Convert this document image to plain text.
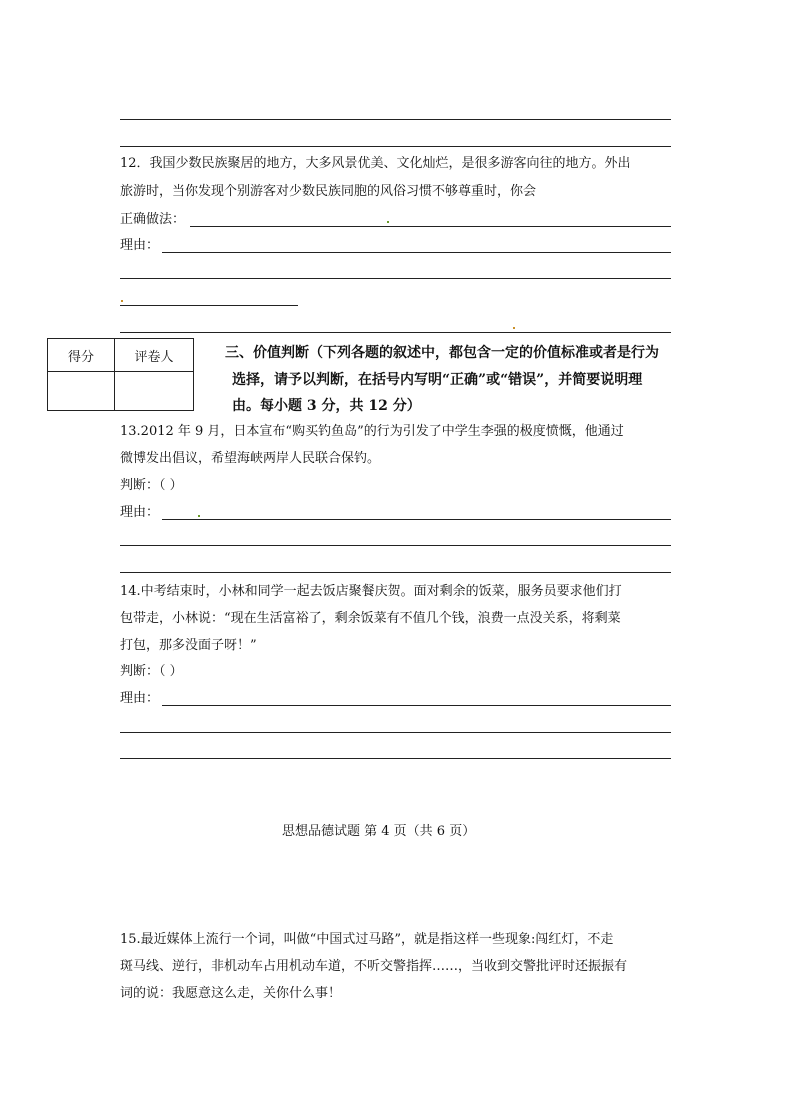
12．我国少数民族聚居的地方，大多风景优美、文化灿烂，是很多游客向往的地方。外出
旅游时，当你发现个别游客对少数民族同胞的风俗习惯不够尊重时，你会
正确做法：
理由：
得分	评卷人
		三、价值判断（下列各题的叙述中，都包含一定的价值标准或者是行为
选择，请予以判断，在括号内写明“正确”或“错误”，并简要说明理
由。每小题 3 分，共 12 分）
13.2012 年 9 月，日本宣布“购买钓鱼岛”的行为引发了中学生李强的极度愤慨，他通过
微博发出倡议，希望海峡两岸人民联合保钓。
判断：（ ）
理由：
14.中考结束时，小林和同学一起去饭店聚餐庆贺。面对剩余的饭菜，服务员要求他们打
包带走，小林说：“现在生活富裕了，剩余饭菜有不值几个钱，浪费一点没关系，将剩菜
打包，那多没面子呀！”
判断：（ ）
理由：
思想品德试题 第 4 页（共 6 页）
15.最近媒体上流行一个词，叫做“中国式过马路”，就是指这样一些现象:闯红灯，不走
斑马线、逆行，非机动车占用机动车道，不听交警指挥……，当收到交警批评时还振振有
词的说：我愿意这么走，关你什么事！
